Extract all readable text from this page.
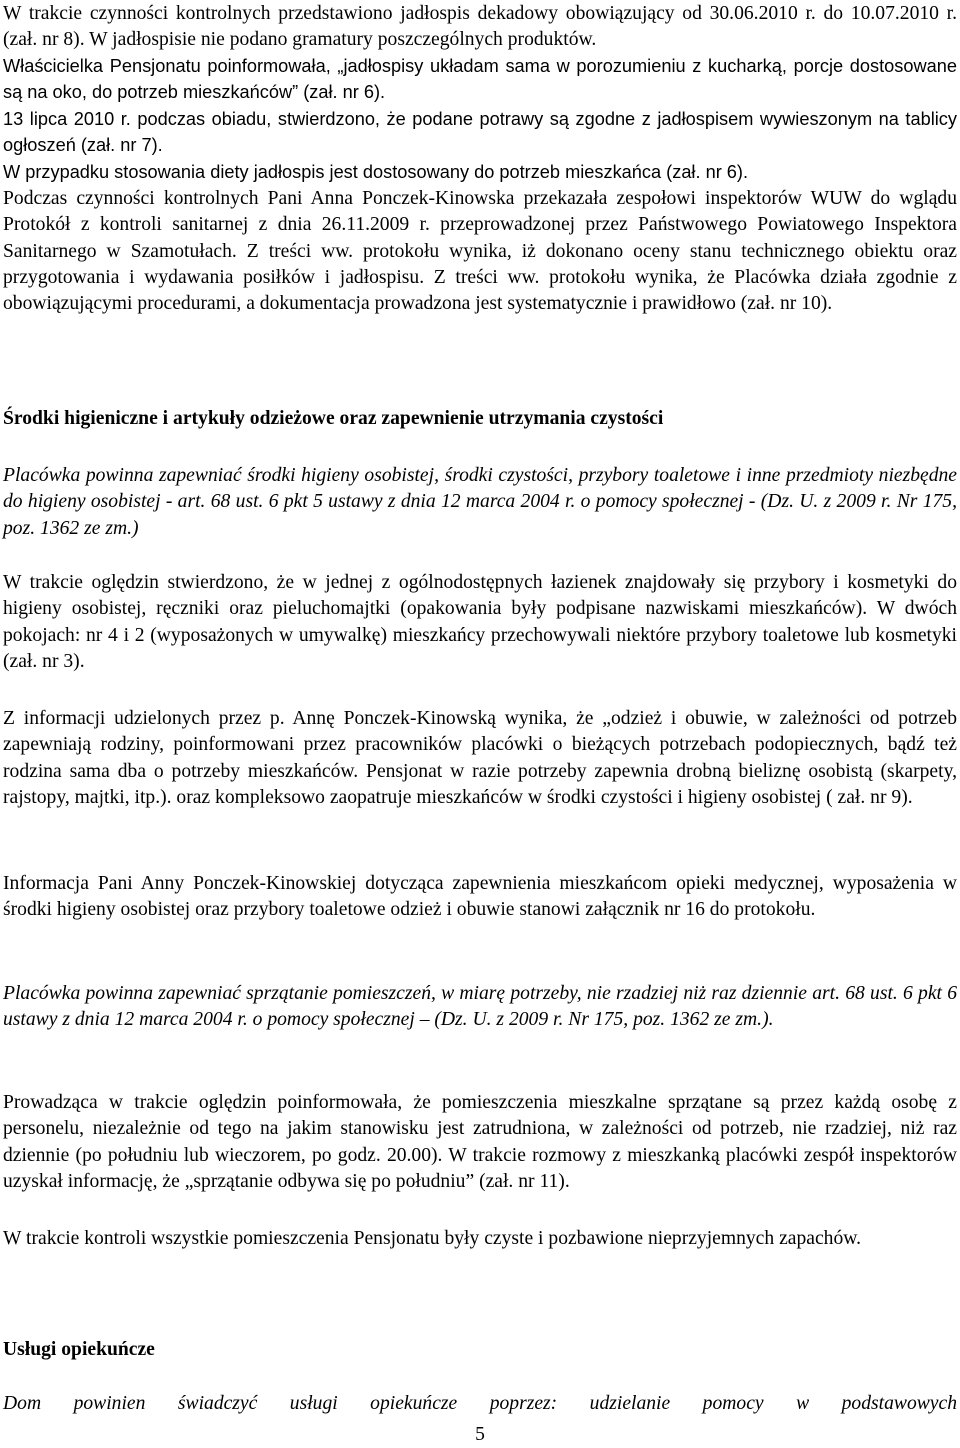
W trakcie czynności kontrolnych przedstawiono jadłospis dekadowy obowiązujący od 30.06.2010 r. do 10.07.2010 r. (zał. nr 8). W jadłospisie nie podano gramatury poszczególnych produktów.

Właścicielka Pensjonatu poinformowała, „jadłospisy układam sama w porozumieniu z kucharką, porcje dostosowane są na oko, do potrzeb mieszkańców” (zał. nr 6).

13 lipca 2010 r. podczas obiadu, stwierdzono, że podane potrawy są zgodne z jadłospisem wywieszonym na tablicy ogłoszeń (zał. nr 7).

W przypadku stosowania diety jadłospis jest dostosowany do potrzeb mieszkańca (zał. nr 6).

Podczas czynności kontrolnych Pani Anna Ponczek-Kinowska przekazała zespołowi inspektorów WUW do wglądu Protokół z kontroli sanitarnej z dnia 26.11.2009 r. przeprowadzonej przez Państwowego Powiatowego Inspektora Sanitarnego w Szamotułach. Z treści ww. protokołu wynika, iż dokonano oceny stanu technicznego obiektu oraz przygotowania i wydawania posiłków i jadłospisu. Z treści ww. protokołu wynika, że Placówka działa zgodnie z obowiązującymi procedurami, a dokumentacja prowadzona jest systematycznie i prawidłowo (zał. nr 10).

Środki higieniczne i artykuły odzieżowe oraz zapewnienie utrzymania czystości

Placówka powinna zapewniać środki higieny osobistej, środki czystości, przybory toaletowe i inne przedmioty niezbędne do higieny osobistej - art. 68 ust. 6 pkt 5 ustawy z dnia 12 marca 2004 r. o pomocy społecznej - (Dz. U. z 2009 r. Nr 175, poz. 1362 ze zm.)

W trakcie oględzin stwierdzono, że w jednej z ogólnodostępnych łazienek znajdowały się przybory i kosmetyki do higieny osobistej, ręczniki oraz pieluchomajtki (opakowania były podpisane nazwiskami mieszkańców). W dwóch pokojach: nr 4 i 2 (wyposażonych w umywalkę) mieszkańcy przechowywali niektóre przybory toaletowe lub kosmetyki (zał. nr 3).

Z informacji udzielonych przez p. Annę Ponczek-Kinowską wynika, że „odzież i obuwie, w zależności od potrzeb zapewniają rodziny, poinformowani przez pracowników placówki o bieżących potrzebach podopiecznych, bądź też rodzina sama dba o potrzeby mieszkańców. Pensjonat w razie potrzeby zapewnia drobną bieliznę osobistą (skarpety, rajstopy, majtki, itp.). oraz kompleksowo zaopatruje mieszkańców w środki czystości i higieny osobistej ( zał. nr 9).

Informacja Pani Anny Ponczek-Kinowskiej dotycząca zapewnienia mieszkańcom opieki medycznej, wyposażenia w środki higieny osobistej oraz przybory toaletowe odzież i obuwie stanowi załącznik nr 16 do protokołu.

Placówka powinna zapewniać sprzątanie pomieszczeń, w miarę potrzeby, nie rzadziej niż raz dziennie art. 68 ust. 6 pkt 6 ustawy z dnia 12 marca 2004 r. o pomocy społecznej – (Dz. U. z 2009 r. Nr 175, poz. 1362 ze zm.).

Prowadząca w trakcie oględzin poinformowała, że pomieszczenia mieszkalne sprzątane są przez każdą osobę z personelu, niezależnie od tego na jakim stanowisku jest zatrudniona, w zależności od potrzeb, nie rzadziej, niż raz dziennie (po południu lub wieczorem, po godz. 20.00). W trakcie rozmowy z mieszkanką placówki zespół inspektorów uzyskał informację, że „sprzątanie odbywa się po południu” (zał. nr 11).

W trakcie kontroli wszystkie pomieszczenia Pensjonatu były czyste i pozbawione nieprzyjemnych zapachów.

Usługi opiekuńcze

Dom powinien świadczyć usługi opiekuńcze poprzez: udzielanie pomocy w podstawowych

5
